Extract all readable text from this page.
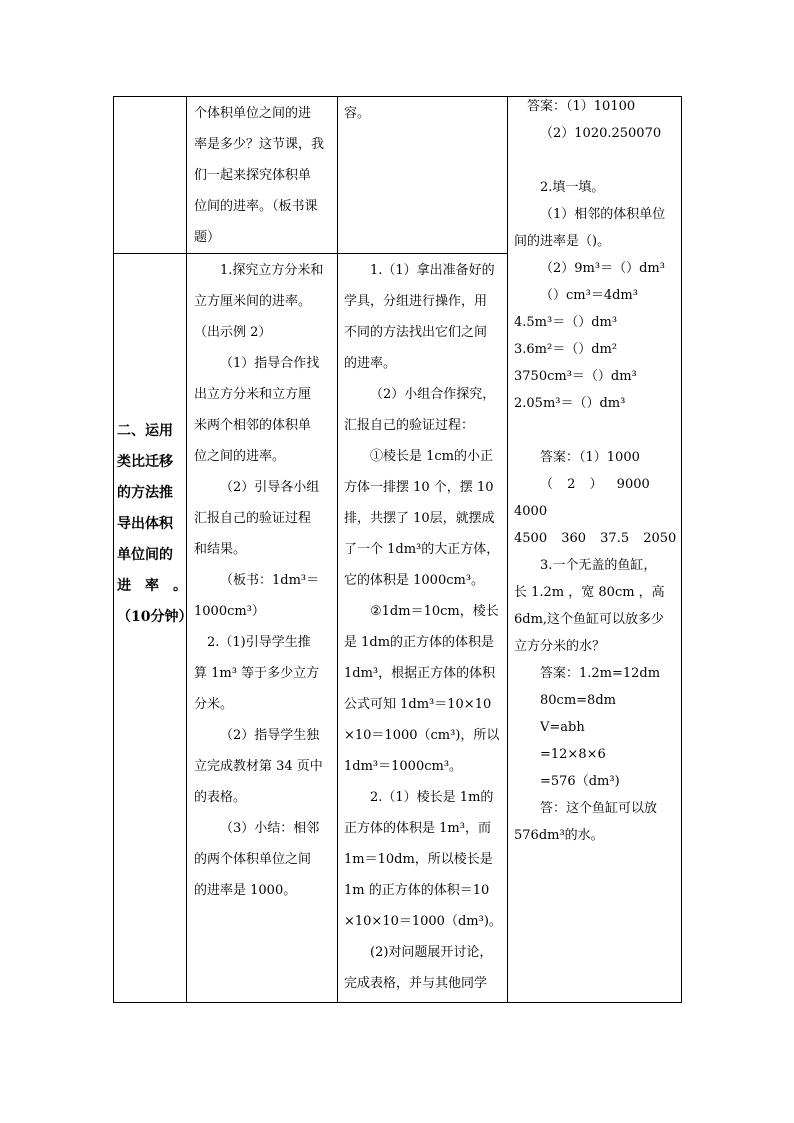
个体积单位之间的进

率是多少？这节课，我

们一起来探究体积单

位间的进率。（板书课

题）

容。

二、运用

类比迁移

的方法推

导出体积

单位间的

进 率 。

（10分钟）

1.探究立方分米和

立方厘米间的进率。

（出示例 2）

（1）指导合作找

出立方分米和立方厘

米两个相邻的体积单

位之间的进率。

（2）引导各小组

汇报自己的验证过程

和结果。

（板书：1dm³＝

1000cm³）

2.（1)引导学生推

算 1m³ 等于多少立方

分米。

（2）指导学生独

立完成教材第 34 页中

的表格。

（3）小结：相邻

的两个体积单位之间

的进率是 1000。

1.（1）拿出准备好的

学具，分组进行操作，用

不同的方法找出它们之间

的进率。

（2）小组合作探究，

汇报自己的验证过程：

①棱长是 1cm的小正

方体一排摆 10 个，摆 10

排，共摆了 10层，就摆成

了一个 1dm³的大正方体，

它的体积是 1000cm³。

②1dm＝10cm，棱长

是 1dm的正方体的体积是

1dm³，根据正方体的体积

公式可知 1dm³＝10×10

×10＝1000（cm³)，所以

1dm³＝1000cm³。

2.（1）棱长是 1m的

正方体的体积是 1m³，而

1m＝10dm，所以棱长是

1m 的正方体的体积＝10

×10×10＝1000（dm³)。

(2)对问题展开讨论，

完成表格，并与其他同学

答案：（1）10100

（2）1020.250070

2.填一填。

（1）相邻的体积单位

间的进率是（)。

（2）9m³＝（）dm³

（）cm³＝4dm³

4.5m³＝（）dm³

3.6m²＝（）dm²

3750cm³＝（）dm³

2.05m³＝（）dm³

答案：（1）1000

（ 2 ） 9000 4000

4500 360 37.5 2050

3.一个无盖的鱼缸，

长 1.2m ，宽 80cm ，高

6dm,这个鱼缸可以放多少

立方分米的水？

答案：1.2m=12dm

80cm=8dm

V=abh

=12×8×6

=576（dm³)

答：这个鱼缸可以放

576dm³的水。
